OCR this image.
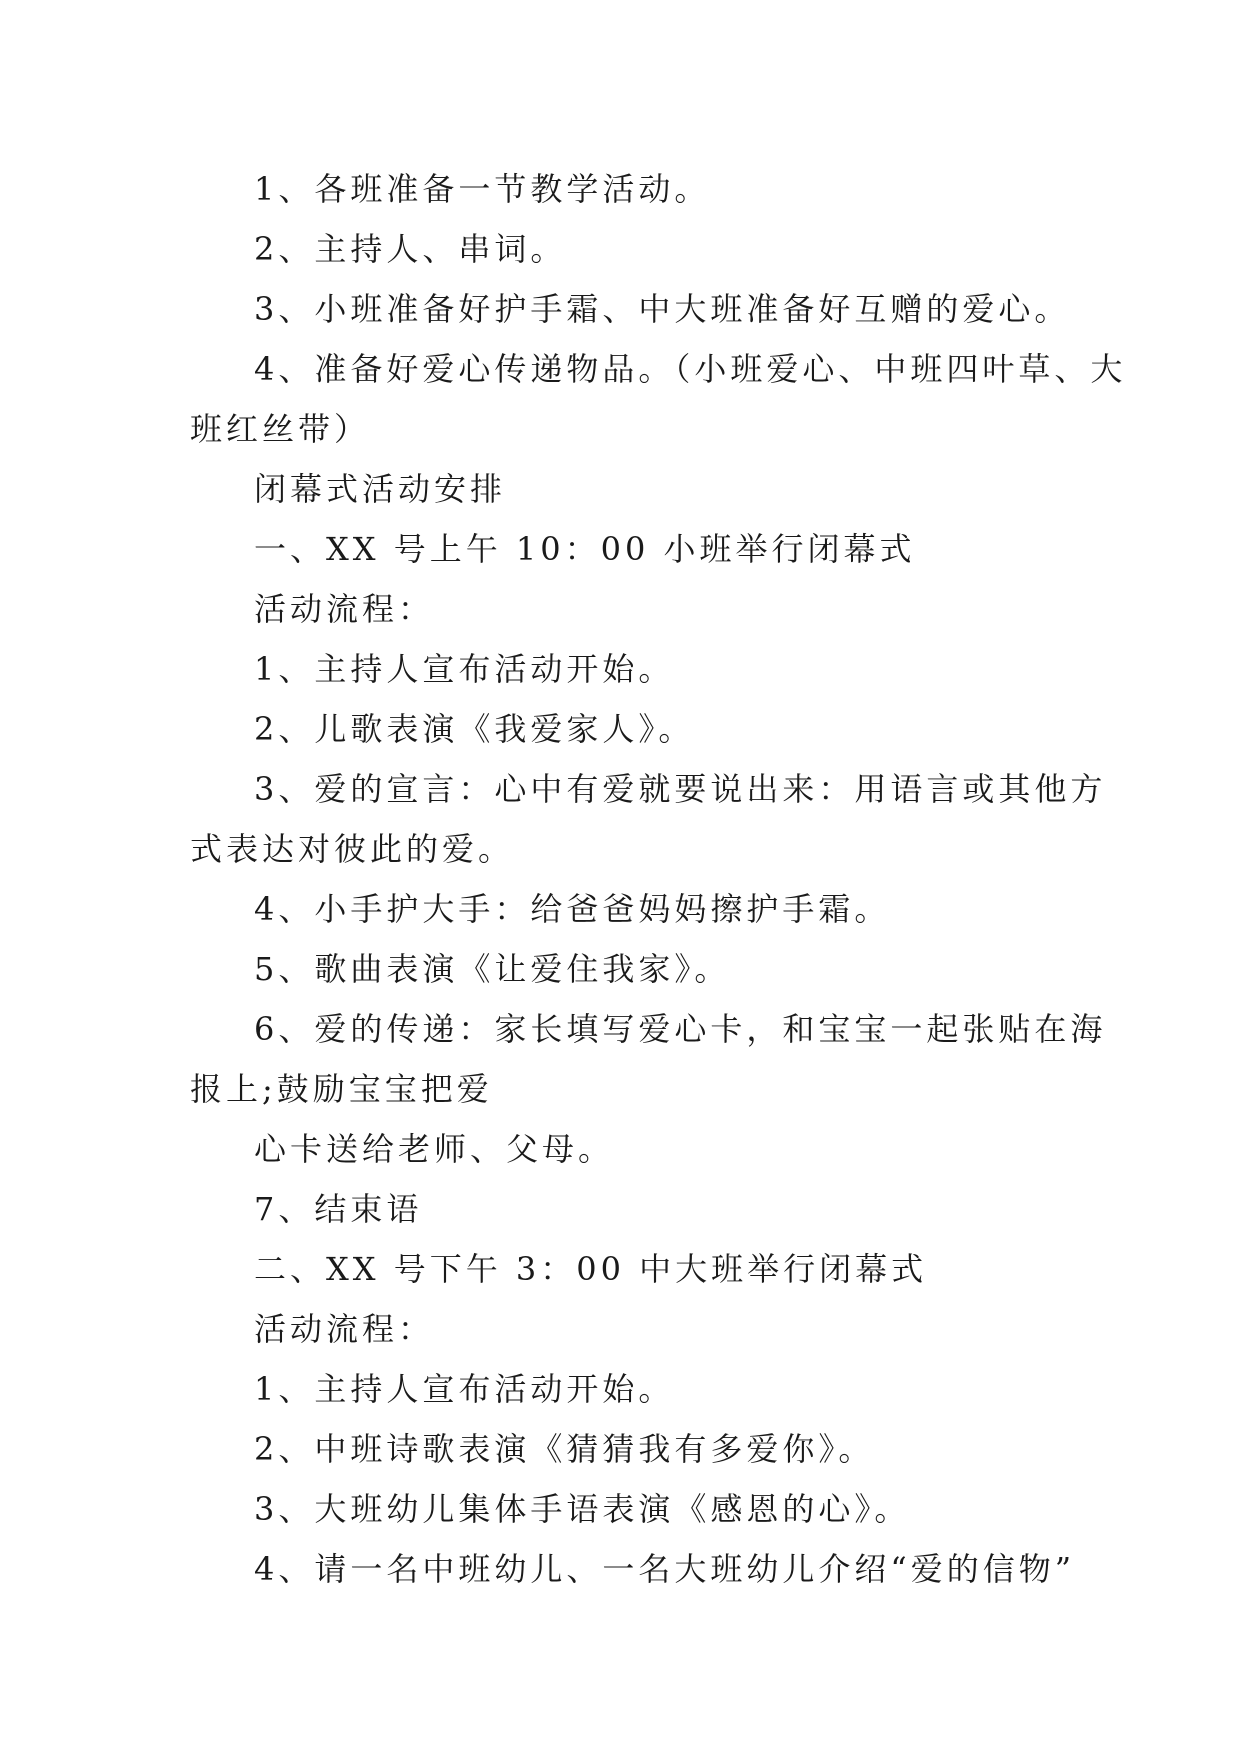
1、各班准备一节教学活动。
2、主持人、串词。
3、小班准备好护手霜、中大班准备好互赠的爱心。
4、准备好爱心传递物品。（小班爱心、中班四叶草、大
班红丝带）
闭幕式活动安排
一、XX 号上午 10：00 小班举行闭幕式
活动流程：
1、主持人宣布活动开始。
2、儿歌表演《我爱家人》。
3、爱的宣言：心中有爱就要说出来：用语言或其他方
式表达对彼此的爱。
4、小手护大手：给爸爸妈妈擦护手霜。
5、歌曲表演《让爱住我家》。
6、爱的传递：家长填写爱心卡，和宝宝一起张贴在海
报上;鼓励宝宝把爱
心卡送给老师、父母。
7、结束语
二、XX 号下午 3：00 中大班举行闭幕式
活动流程：
1、主持人宣布活动开始。
2、中班诗歌表演《猜猜我有多爱你》。
3、大班幼儿集体手语表演《感恩的心》。
4、请一名中班幼儿、一名大班幼儿介绍“爱的信物”
